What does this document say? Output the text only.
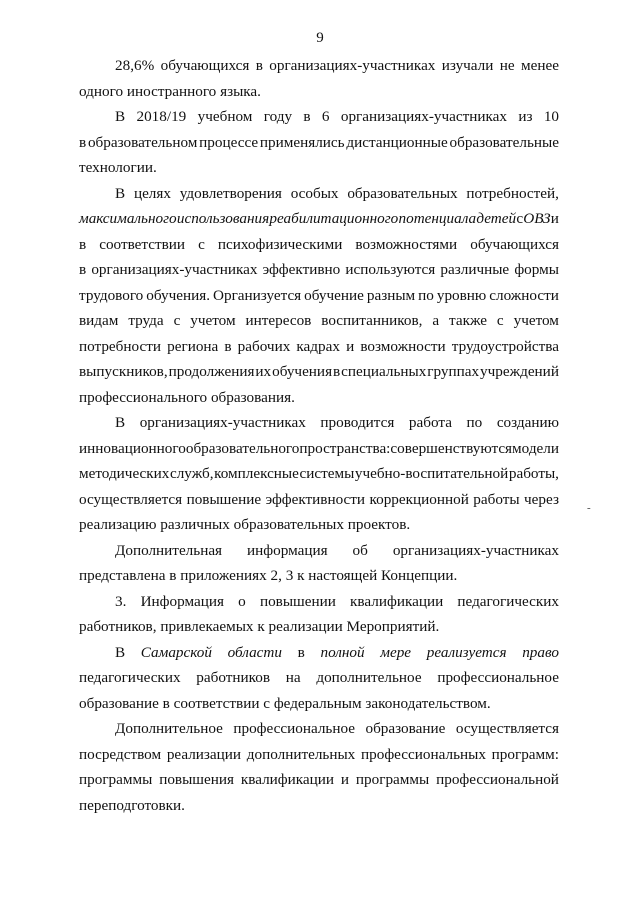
9
28,6% обучающихся в организациях-участниках изучали не менее
одного иностранного языка.
В 2018/19 учебном году в 6 организациях-участниках из 10
в образовательном процессе применялись дистанционные образовательные
технологии.
В целях удовлетворения особых образовательных потребностей,
максимального использования реабилитационного потенциала детей с ОВЗ и
в соответствии с психофизическими возможностями обучающихся
в организациях-участниках эффективно используются различные формы
трудового обучения. Организуется обучение разным по уровню сложности
видам труда с учетом интересов воспитанников, а также с учетом
потребности региона в рабочих кадрах и возможности трудоустройства
выпускников, продолжения их обучения в специальных группах учреждений
профессионального образования.
В организациях-участниках проводится работа по созданию
инновационного образовательного пространства: совершенствуются модели
методических служб, комплексные системы учебно-воспитательной работы,
осуществляется повышение эффективности коррекционной работы через
реализацию различных образовательных проектов.
Дополнительная информация об организациях-участниках
представлена в приложениях 2, 3 к настоящей Концепции.
3. Информация о повышении квалификации педагогических
работников, привлекаемых к реализации Мероприятий.
В Самарской области в полной мере реализуется право
педагогических работников на дополнительное профессиональное
образование в соответствии с федеральным законодательством.
Дополнительное профессиональное образование осуществляется
посредством реализации дополнительных профессиональных программ:
программы повышения квалификации и программы профессиональной
переподготовки.
-
